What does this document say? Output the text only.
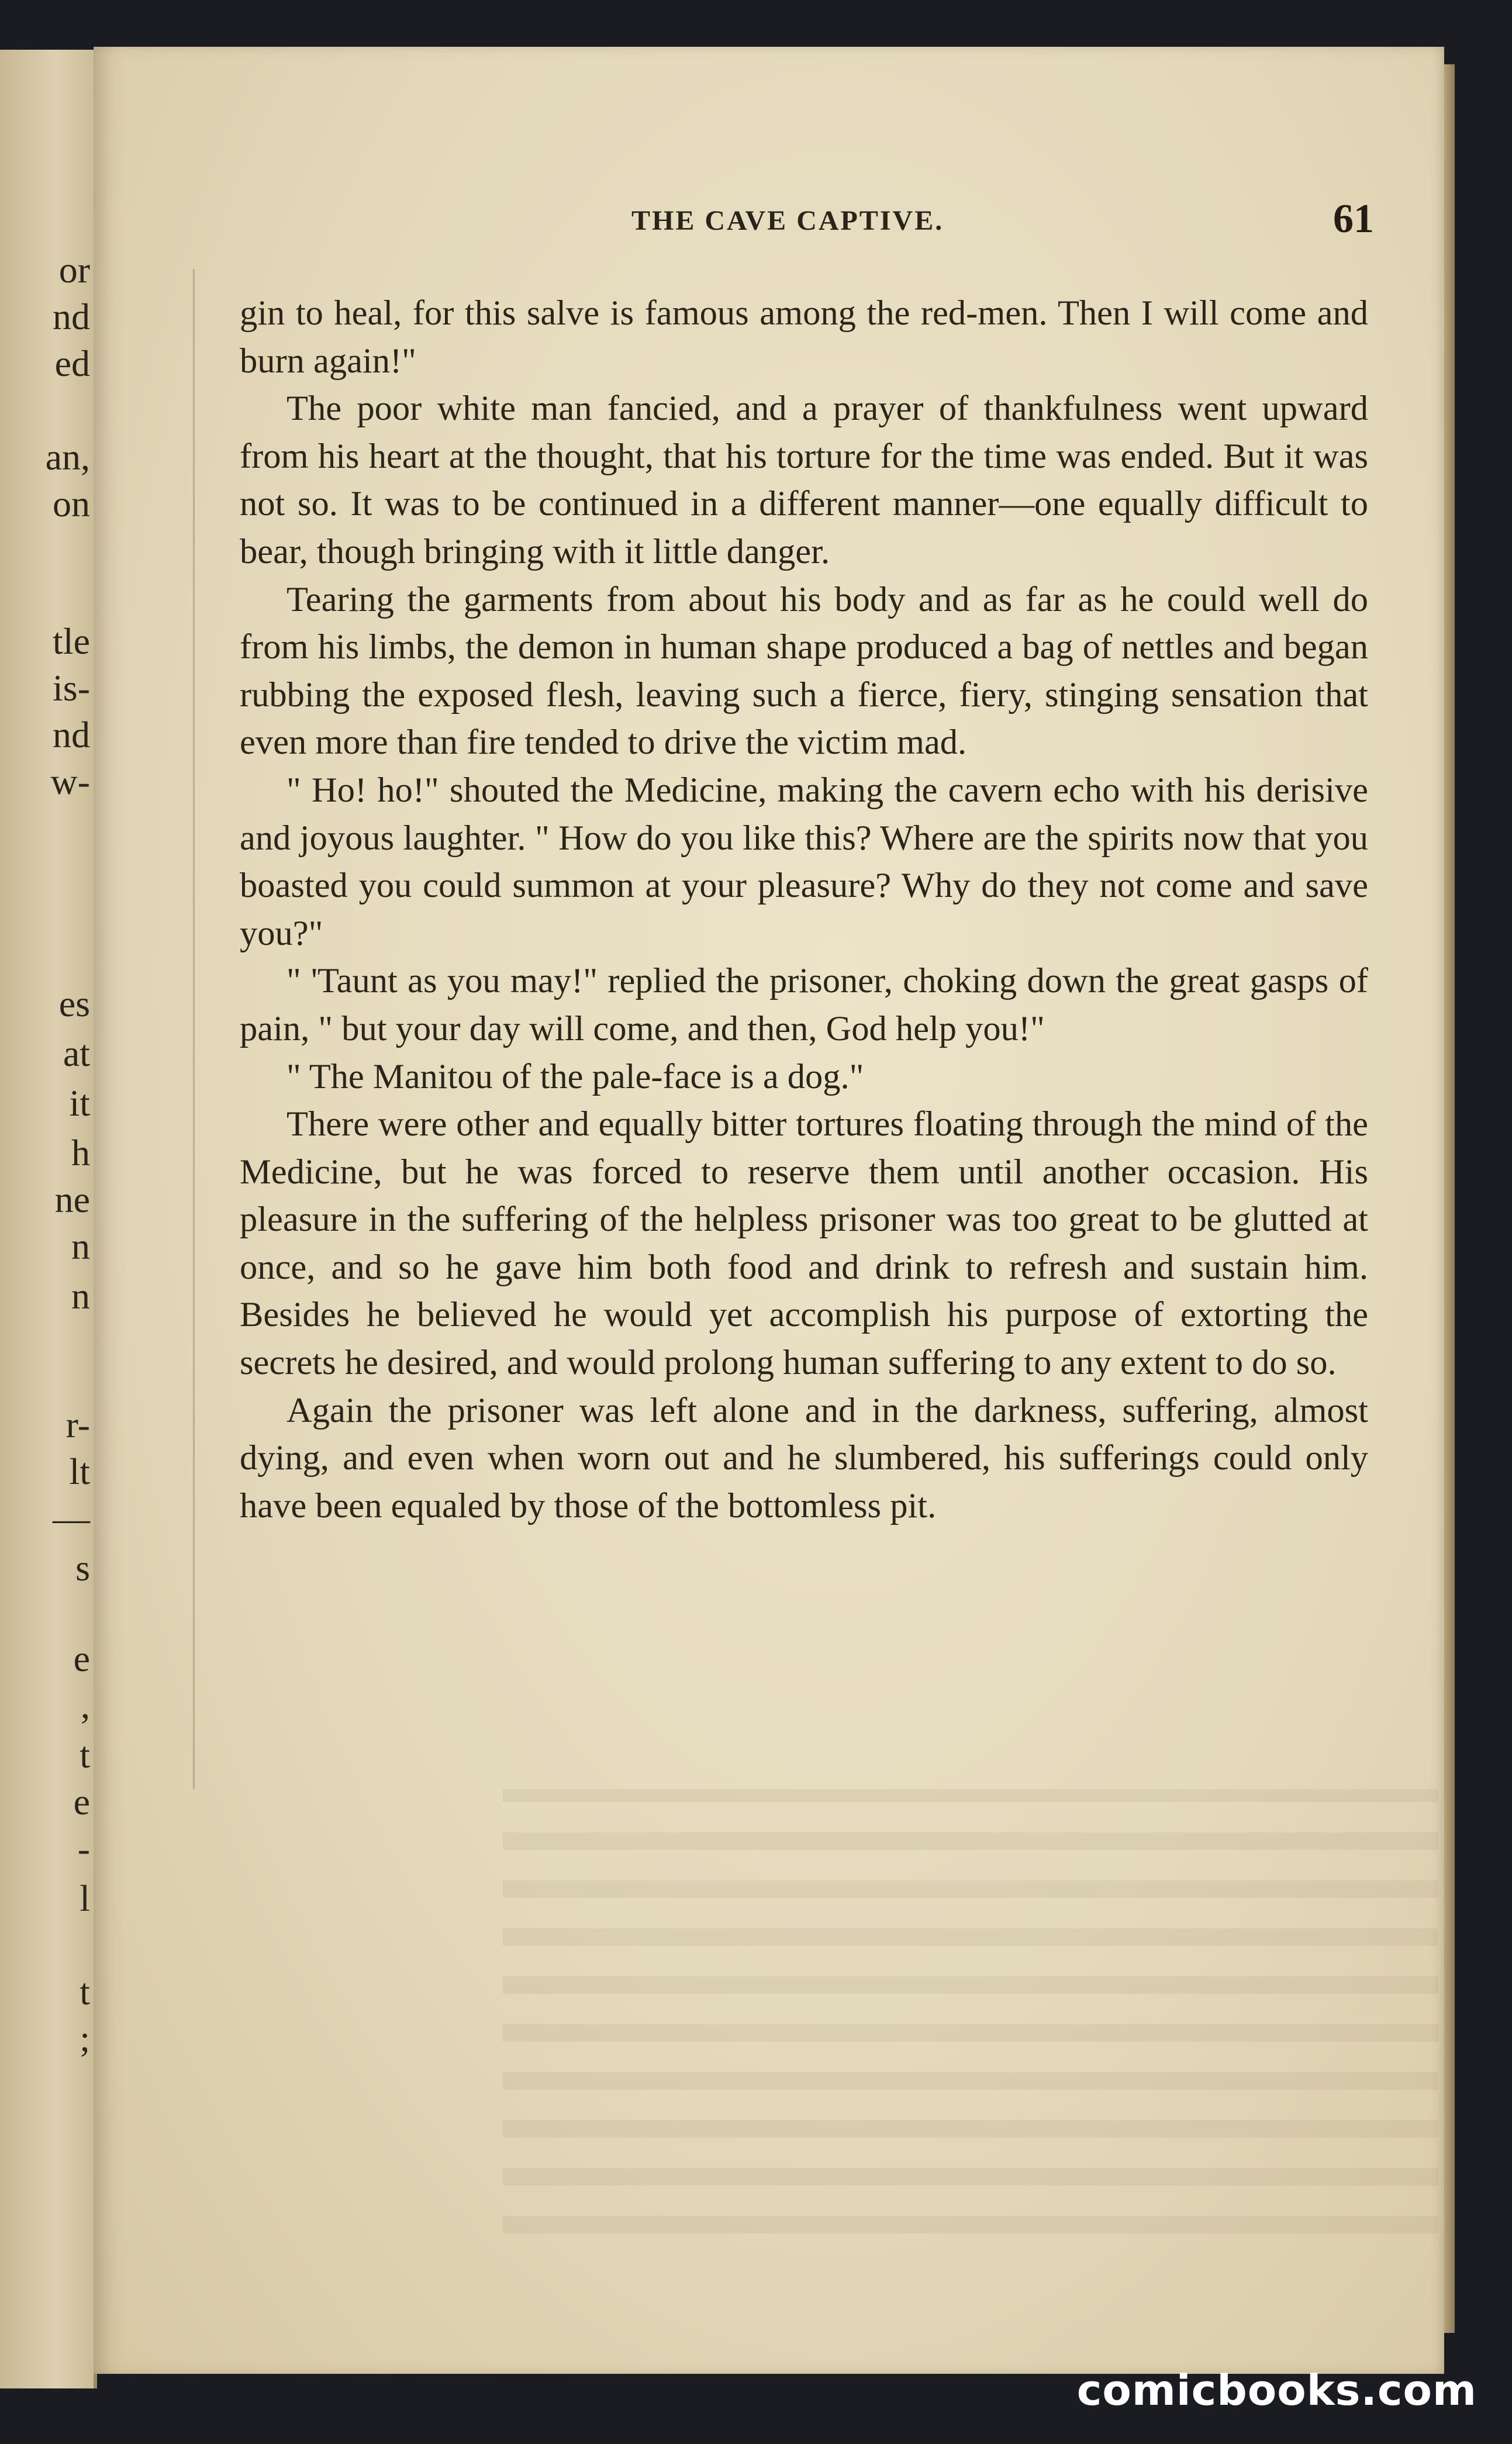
or
nd
ed
an,
on
tle
is-
nd
w-
es
at
it
h
ne
n
n
r-
lt
—
s
e
,
t
e
-
l
t
;
THE CAVE CAPTIVE.	61

gin to heal, for this salve is famous among the red-men. Then I will come and burn again!"

The poor white man fancied, and a prayer of thankfulness went upward from his heart at the thought, that his torture for the time was ended. But it was not so. It was to be continued in a different manner—one equally difficult to bear, though bringing with it little danger.

Tearing the garments from about his body and as far as he could well do from his limbs, the demon in human shape produced a bag of nettles and began rubbing the exposed flesh, leaving such a fierce, fiery, stinging sensation that even more than fire tended to drive the victim mad.

" Ho! ho!" shouted the Medicine, making the cavern echo with his derisive and joyous laughter. " How do you like this? Where are the spirits now that you boasted you could summon at your pleasure? Why do they not come and save you?"

" 'Taunt as you may!" replied the prisoner, choking down the great gasps of pain, " but your day will come, and then, God help you!"

" The Manitou of the pale-face is a dog."

There were other and equally bitter tortures floating through the mind of the Medicine, but he was forced to reserve them until another occasion. His pleasure in the suffering of the helpless prisoner was too great to be glutted at once, and so he gave him both food and drink to refresh and sustain him. Besides he believed he would yet accomplish his purpose of extorting the secrets he desired, and would prolong human suffering to any extent to do so.

Again the prisoner was left alone and in the darkness, suffering, almost dying, and even when worn out and he slumbered, his sufferings could only have been equaled by those of the bottomless pit.

comicbooks.com
